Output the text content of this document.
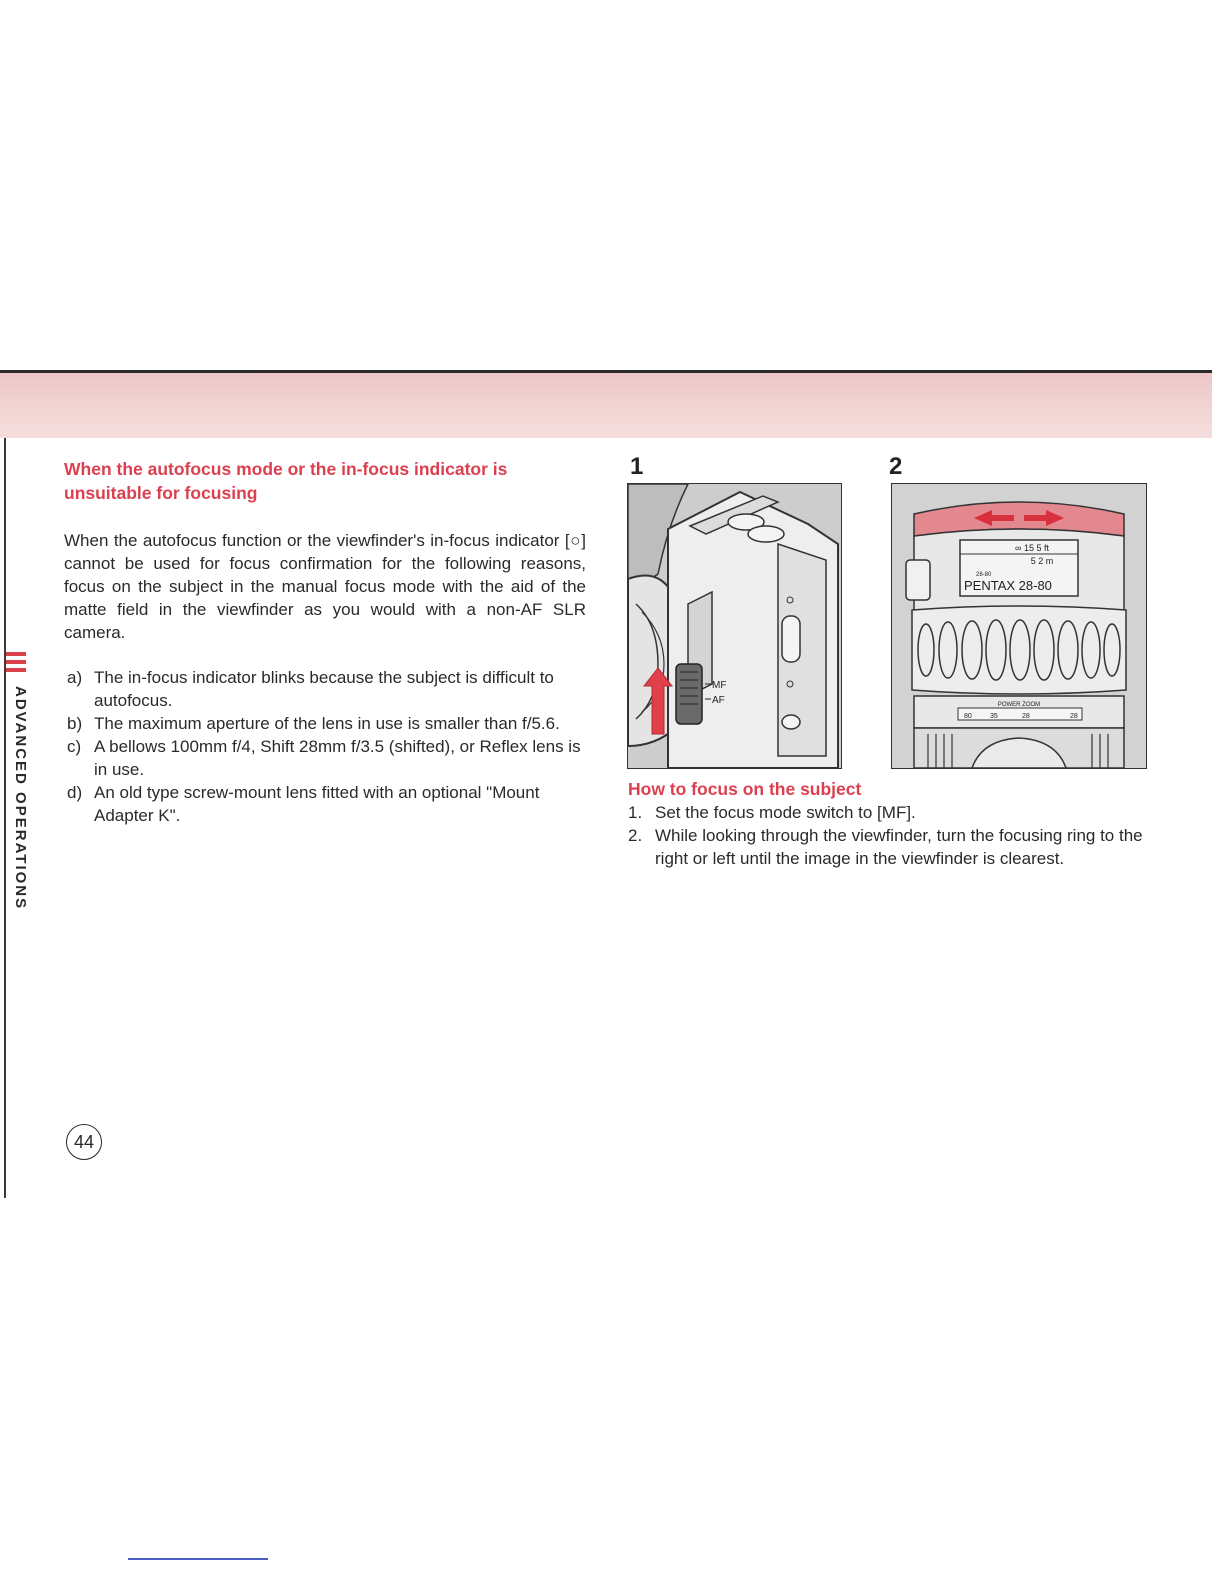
ADVANCED OPERATIONS

When the autofocus mode or the in-focus indicator is unsuitable for focusing

When the autofocus function or the viewfinder's in-focus indicator [○] cannot be used for focus confirmation for the following reasons, focus on the subject in the manual focus mode with the aid of the matte field in the viewfinder as you would with a non-AF SLR camera.

a) The in-focus indicator blinks because the subject is difficult to autofocus.
b) The maximum aperture of the lens in use is smaller than f/5.6.
c) A bellows 100mm f/4, Shift 28mm f/3.5 (shifted), or Reflex lens is in use.
d) An old type screw-mount lens fitted with an optional "Mount Adapter K".
1
MF
AF
2
∞ 15 5 ft
5 2 m
28-80
PENTAX 28-80
POWER ZOOM
80	35	28	28

How to focus on the subject

1. Set the focus mode switch to [MF].
2. While looking through the viewfinder, turn the focusing ring to the right or left until the image in the viewfinder is clearest.
44
